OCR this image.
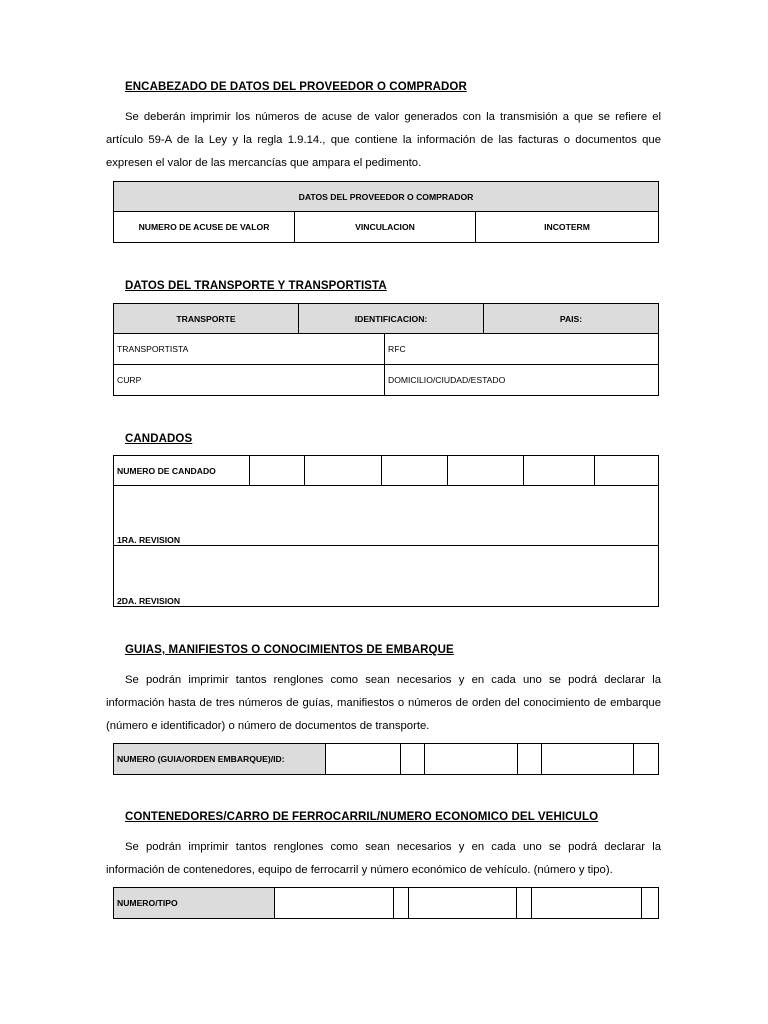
ENCABEZADO DE DATOS DEL PROVEEDOR O COMPRADOR
Se deberán imprimir los números de acuse de valor generados con la transmisión a que se refiere el artículo 59-A de la Ley y la regla 1.9.14., que contiene la información de las facturas o documentos que expresen el valor de las mercancías que ampara el pedimento.
DATOS DEL PROVEEDOR O COMPRADOR
NUMERO DE ACUSE DE VALOR	VINCULACION	INCOTERM
DATOS DEL TRANSPORTE Y TRANSPORTISTA
TRANSPORTE	IDENTIFICACION:		PAIS:
TRANSPORTISTA		RFC	
CURP		DOMICILIO/CIUDAD/ESTADO	
CANDADOS
NUMERO DE CANDADO						
1RA. REVISION
2DA. REVISION
GUIAS, MANIFIESTOS O CONOCIMIENTOS DE EMBARQUE
Se podrán imprimir tantos renglones como sean necesarios y en cada uno se podrá declarar la información hasta de tres números de guías, manifiestos o números de orden del conocimiento de embarque (número e identificador) o número de documentos de transporte.
NUMERO (GUIA/ORDEN EMBARQUE)/ID:						
CONTENEDORES/CARRO DE FERROCARRIL/NUMERO ECONOMICO DEL VEHICULO
Se podrán imprimir tantos renglones como sean necesarios y en cada uno se podrá declarar la información de contenedores, equipo de ferrocarril y número económico de vehículo. (número y tipo).
NUMERO/TIPO						
